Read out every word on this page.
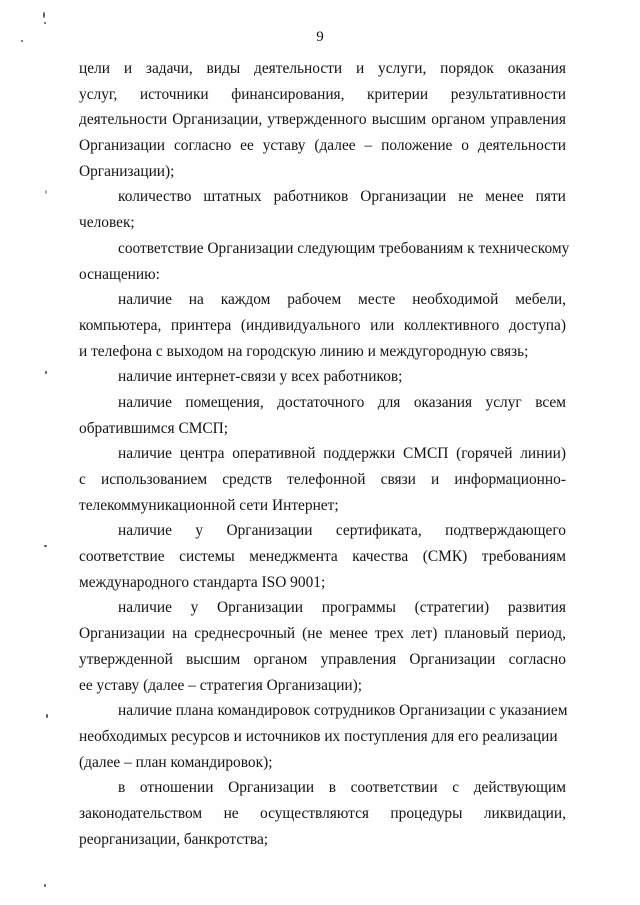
9
цели и задачи, виды деятельности и услуги, порядок оказания
услуг, источники финансирования, критерии результативности
деятельности Организации, утвержденного высшим органом управления
Организации согласно ее уставу (далее – положение о деятельности
Организации);
количество штатных работников Организации не менее пяти
человек;
соответствие Организации следующим требованиям к техническому
оснащению:
наличие на каждом рабочем месте необходимой мебели,
компьютера, принтера (индивидуального или коллективного доступа)
и телефона с выходом на городскую линию и междугородную связь;
наличие интернет-связи у всех работников;
наличие помещения, достаточного для оказания услуг всем
обратившимся СМСП;
наличие центра оперативной поддержки СМСП (горячей линии)
с использованием средств телефонной связи и информационно-
телекоммуникационной сети Интернет;
наличие у Организации сертификата, подтверждающего
соответствие системы менеджмента качества (СМК) требованиям
международного стандарта ISO 9001;
наличие у Организации программы (стратегии) развития
Организации на среднесрочный (не менее трех лет) плановый период,
утвержденной высшим органом управления Организации согласно
ее уставу (далее – стратегия Организации);
наличие плана командировок сотрудников Организации с указанием
необходимых ресурсов и источников их поступления для его реализации
(далее – план командировок);
в отношении Организации в соответствии с действующим
законодательством не осуществляются процедуры ликвидации,
реорганизации, банкротства;
